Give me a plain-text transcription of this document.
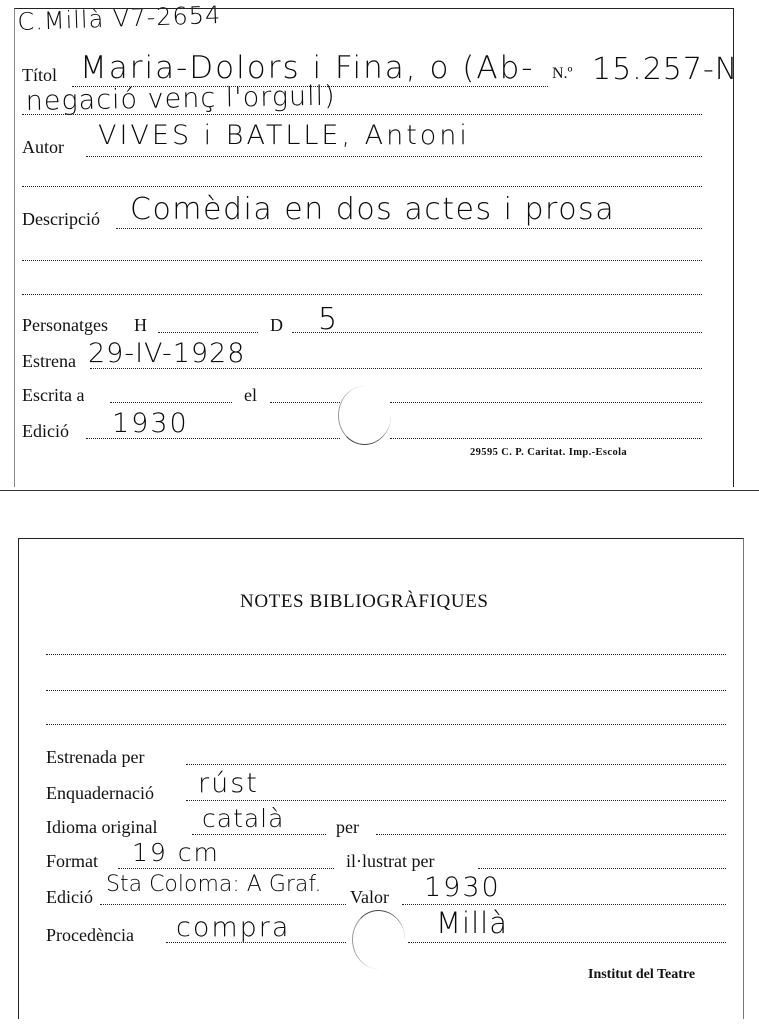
C.Millà V7-2654
Títol Maria-Dolors i Fina, o (Ab- N.º 15.257-N
negació venç l'orgull)
Autor VIVES i BATLLE, Antoni
Descripció Comèdia en dos actes i prosa
Personatges H	D 5
Estrena 29-IV-1928
Escrita a	el
Edició 1930
29595 C. P. Caritat. Imp.-Escola
NOTES BIBLIOGRÀFIQUES
Estrenada per
Enquadernació rúst
Idioma original català	per
Format 19 cm	il·lustrat per
Edició Sta Coloma: A Graf. Valor 1930
Procedència compra	Millà
Institut del Teatre
